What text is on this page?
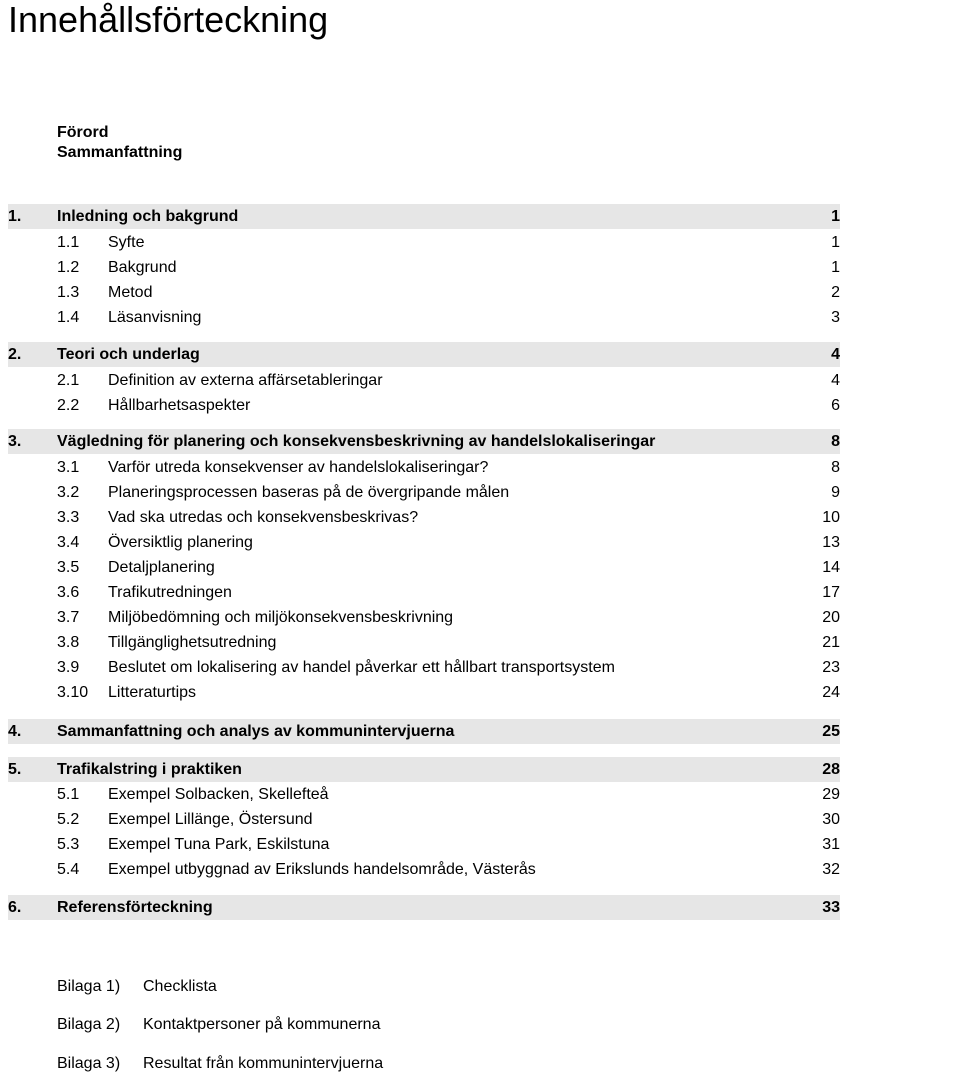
Innehållsförteckning
Förord
Sammanfattning
1.	Inledning och bakgrund	1
1.1	Syfte	1
1.2	Bakgrund	1
1.3	Metod	2
1.4	Läsanvisning	3
2.	Teori och underlag	4
2.1	Definition av externa affärsetableringar	4
2.2	Hållbarhetsaspekter	6
3.	Vägledning för planering och konsekvensbeskrivning av handelslokaliseringar	8
3.1	Varför utreda konsekvenser av handelslokaliseringar?	8
3.2	Planeringsprocessen baseras på de övergripande målen	9
3.3	Vad ska utredas och konsekvensbeskrivas?	10
3.4	Översiktlig planering	13
3.5	Detaljplanering	14
3.6	Trafikutredningen	17
3.7	Miljöbedömning och miljökonsekvensbeskrivning	20
3.8	Tillgänglighetsutredning	21
3.9	Beslutet om lokalisering av handel påverkar ett hållbart transportsystem	23
3.10	Litteraturtips	24
4.	Sammanfattning och analys av kommunintervjuerna	25
5.	Trafikalstring i praktiken	28
5.1	Exempel Solbacken, Skellefteå	29
5.2	Exempel Lillänge, Östersund	30
5.3	Exempel Tuna Park, Eskilstuna	31
5.4	Exempel utbyggnad av Erikslunds handelsområde, Västerås	32
6.	Referensförteckning	33
Bilaga 1)	Checklista
Bilaga 2)	Kontaktpersoner på kommunerna
Bilaga 3)	Resultat från kommunintervjuerna
